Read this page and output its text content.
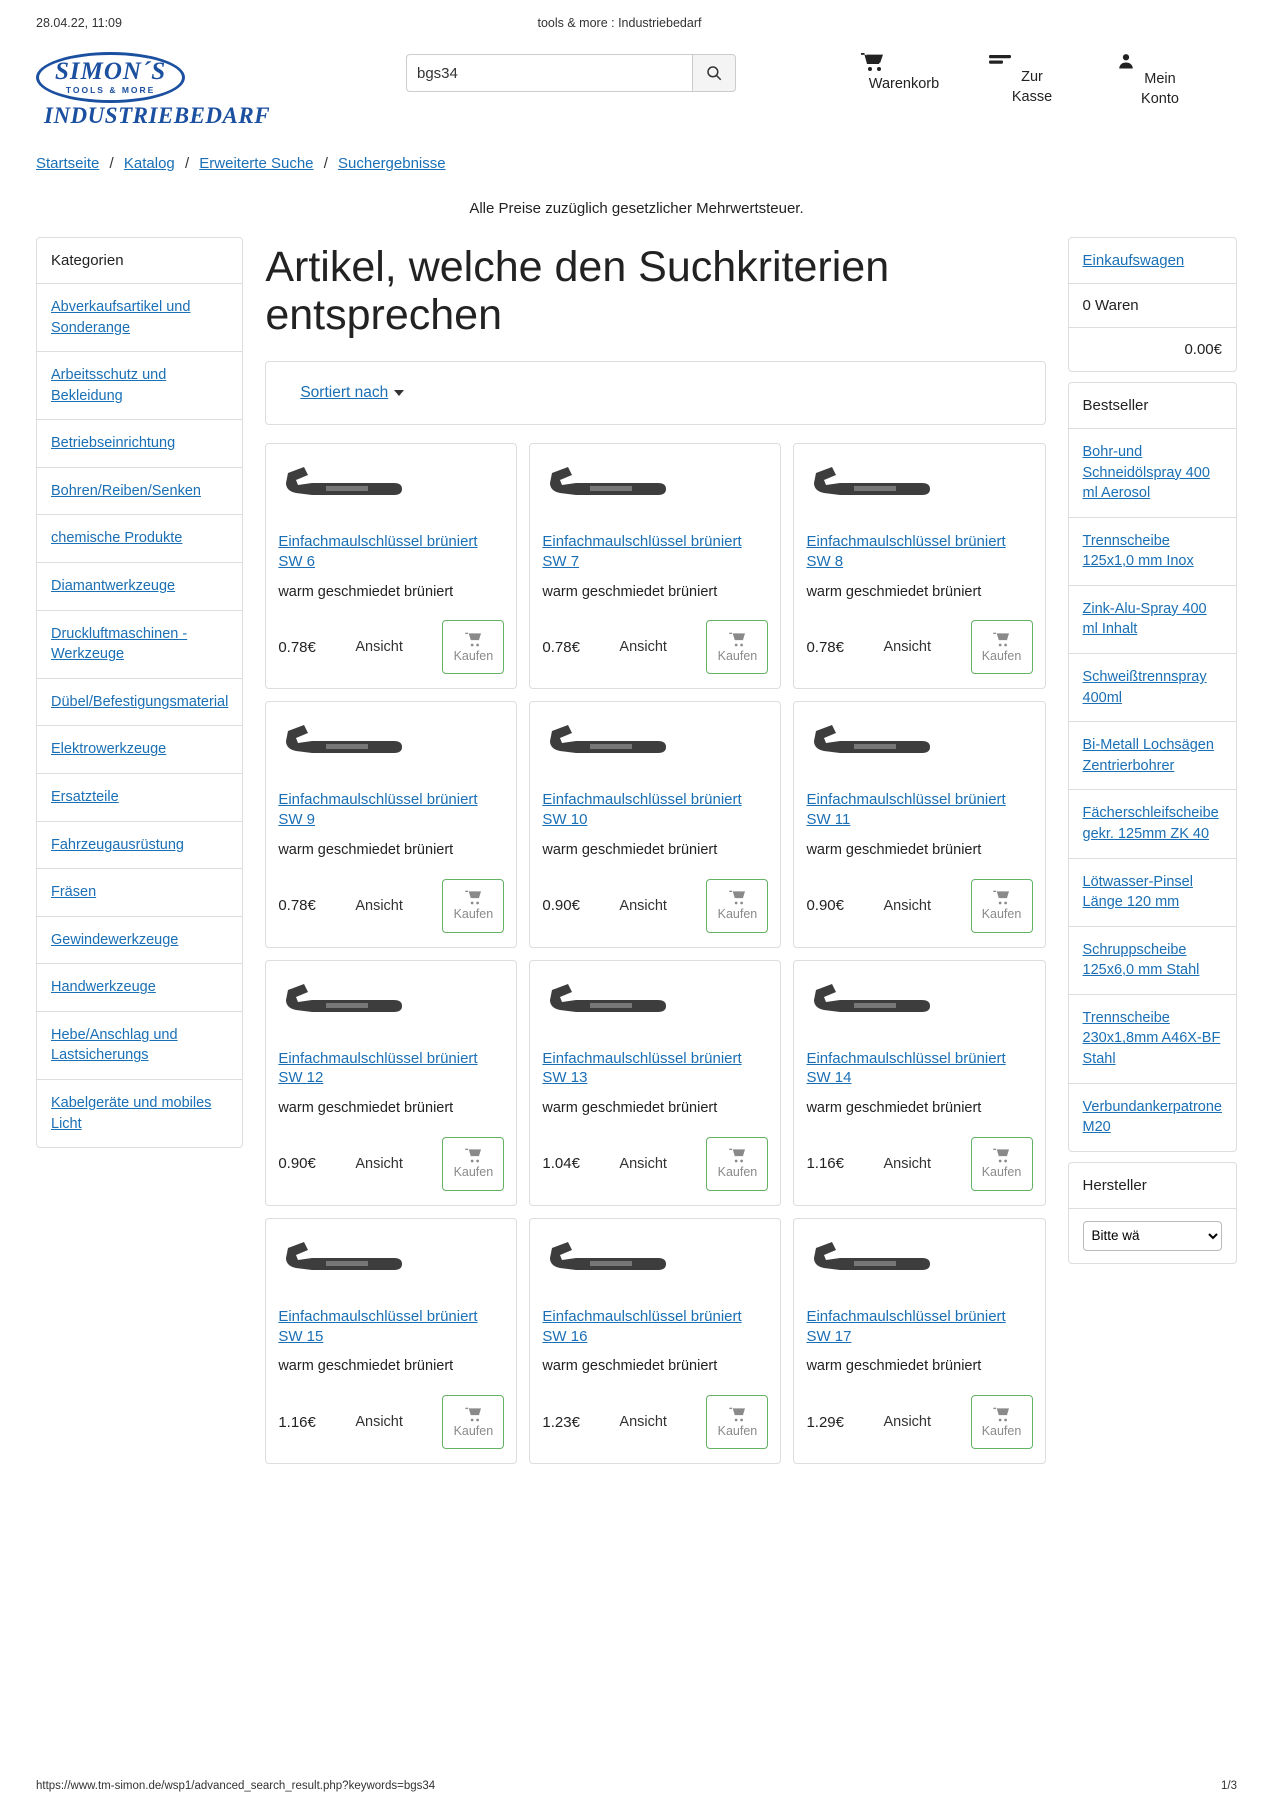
28.04.22, 11:09	tools & more : Industriebedarf
SIMON´S
TOOLS & MORE
INDUSTRIEBEDARF
bgs34
Warenkorb	Zur
Kasse
Mein
Konto
Startseite / Katalog / Erweiterte Suche / Suchergebnisse
Alle Preise zuzüglich gesetzlicher Mehrwertsteuer.
Kategorien
Abverkaufsartikel und Sonderange
Arbeitsschutz und Bekleidung
Betriebseinrichtung
Bohren/Reiben/Senken
chemische Produkte
Diamantwerkzeuge
Druckluftmaschinen - Werkzeuge
Dübel/Befestigungsmaterial
Elektrowerkzeuge
Ersatzteile
Fahrzeugausrüstung
Fräsen
Gewindewerkzeuge
Handwerkzeuge
Hebe/Anschlag und Lastsicherungs
Kabelgeräte und mobiles Licht
Artikel, welche den Suchkriterien entsprechen
Sortiert nach
Einfachmaulschlüssel brüniert SW 6
warm geschmiedet brüniert
0.78€	Ansicht
Kaufen
Einfachmaulschlüssel brüniert SW 7
warm geschmiedet brüniert
0.78€	Ansicht
Kaufen
Einfachmaulschlüssel brüniert SW 8
warm geschmiedet brüniert
0.78€	Ansicht
Kaufen
Einfachmaulschlüssel brüniert SW 9
warm geschmiedet brüniert
0.78€	Ansicht
Kaufen
Einfachmaulschlüssel brüniert SW 10
warm geschmiedet brüniert
0.90€	Ansicht
Kaufen
Einfachmaulschlüssel brüniert SW 11
warm geschmiedet brüniert
0.90€	Ansicht
Kaufen
Einfachmaulschlüssel brüniert SW 12
warm geschmiedet brüniert
0.90€	Ansicht
Kaufen
Einfachmaulschlüssel brüniert SW 13
warm geschmiedet brüniert
1.04€	Ansicht
Kaufen
Einfachmaulschlüssel brüniert SW 14
warm geschmiedet brüniert
1.16€	Ansicht
Kaufen
Einfachmaulschlüssel brüniert SW 15
warm geschmiedet brüniert
1.16€	Ansicht
Kaufen
Einfachmaulschlüssel brüniert SW 16
warm geschmiedet brüniert
1.23€	Ansicht
Kaufen
Einfachmaulschlüssel brüniert SW 17
warm geschmiedet brüniert
1.29€	Ansicht
Kaufen
Einkaufswagen
0 Waren
0.00€
Bestseller
Bohr-und Schneidölspray 400 ml Aerosol
Trennscheibe 125x1,0 mm Inox
Zink-Alu-Spray 400 ml Inhalt
Schweißtrennspray 400ml
Bi-Metall Lochsägen Zentrierbohrer
Fächerschleifscheibe gekr. 125mm ZK 40
Lötwasser-Pinsel Länge 120 mm
Schruppscheibe 125x6,0 mm Stahl
Trennscheibe 230x1,8mm A46X-BF Stahl
Verbundankerpatrone M20
Hersteller
Bitte wä
https://www.tm-simon.de/wsp1/advanced_search_result.php?keywords=bgs34	1/3
